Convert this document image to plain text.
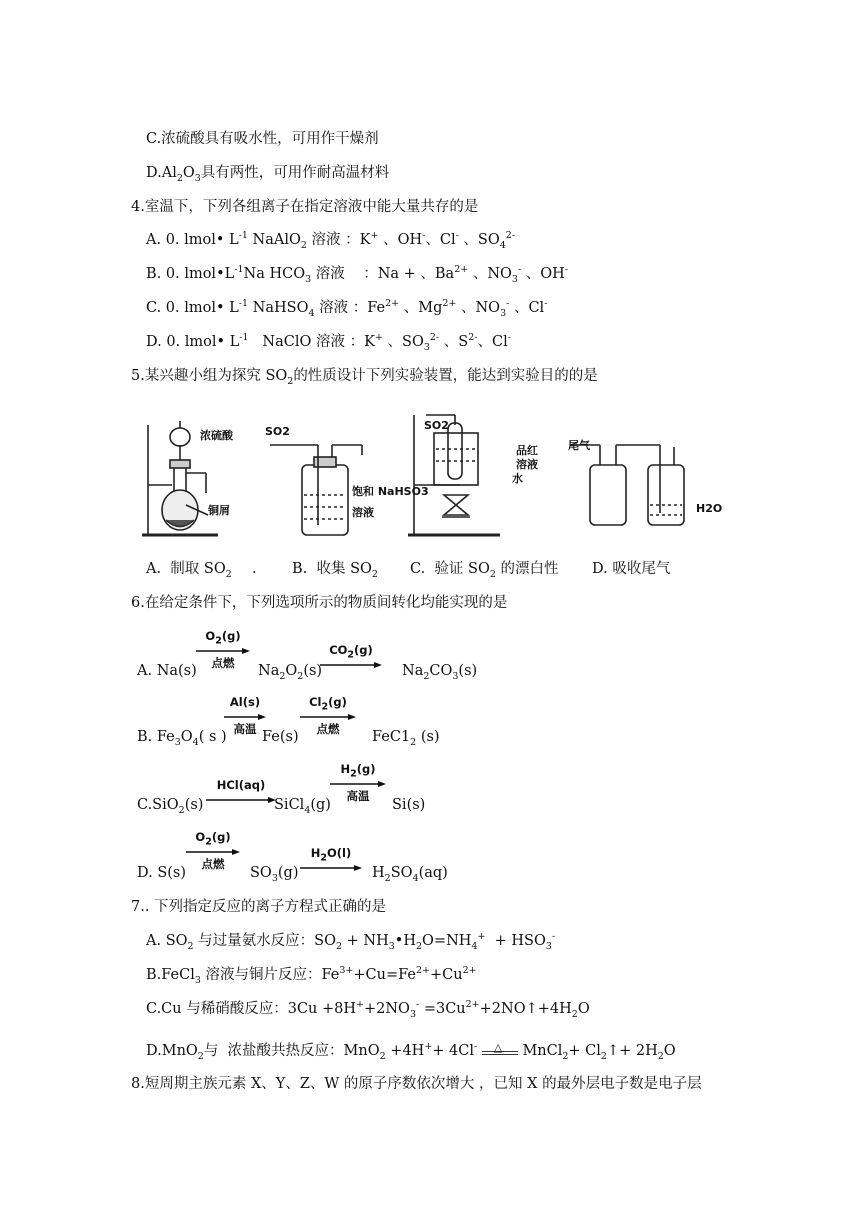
C.浓硫酸具有吸水性，可用作干燥剂
$D.Al_2O_3$具有两性，可用作耐高温材料
4.室温下，下列各组离子在指定溶液中能大量共存的是
A. 0. lmol• $L^{-1}$ NaAlO$_2$ 溶液 ：K+ 、OH-、Cl- 、$SO_4^{2-}$
B. 0. $lmol•L^{-1}Na$ $HCO_3$ 溶液    ：Na + 、$Ba^{2+}$ 、$NO_3^-$ 、OH-
C. 0. lmol• $L^{-1}$ NaHSO$_4$ 溶液 ：$Fe^{2+}$ 、$Mg^{2+}$ 、$NO_3^-$ 、Cl-
D. 0. lmol• $L^{-1}$   NaClO 溶液 ：K+ 、$SO_3^{2-}$ 、$S^{2-}$、Cl-
5.某兴趣小组为探究 $SO_2$的性质设计下列实验装置，能达到实验目的的是
浓硫酸
铜屑
SO2
饱和 NaHSO3
溶液
SO2
品红
溶液
水
尾气
H2O
A.  制取 $SO_2$ . B.  收集 $SO_2$ C.  验证 $SO_2$ 的漂白性 D. 吸收尾气
6.在给定条件下，下列选项所示的物质间转化均能实现的是
A. Na(s)
$O_2(g)$
点燃	$Na_2O_2(s)$
$CO_2(g)$
$Na_2CO_3(s)$
B. $Fe_3O_4$( s )
Al(s)
高温 Fe(s)
$Cl_2(g)$
点燃	$FeC1_2$ (s)
C.SiO$_2$(s)
HCl(aq)
SiCl$_4$(g)
$H_2(g)$
高温
Si(s)
D. S(s)
$O_2(g)$
点燃
$SO_3(g)$
$H_2O(l)$
$H_2SO_4(aq)$
7.. 下列指定反应的离子方程式正确的是
A. $SO_2$ 与过量氨水反应：$SO_2$ + $NH_3•H_2O=NH_4^+ + HSO_3^-$
B.FeCl$_3$ 溶液与铜片反应：$Fe^{3+}+Cu=Fe^{2+}+Cu^{2+}$
C.Cu 与稀硝酸反应：$3Cu +8H^++2NO_3^-$ $=3Cu^{2+}+2NO↑+4H_2O$
D.MnO$_2$与  浓盐酸共热反应：MnO$_2$ +4H++ 4Cl- △ MnCl$_2$+ $Cl_2↑+ 2H_2O$
8.短周期主族元素 X、Y、Z、W 的原子序数依次增大 ，已知 X 的最外层电子数是电子层
